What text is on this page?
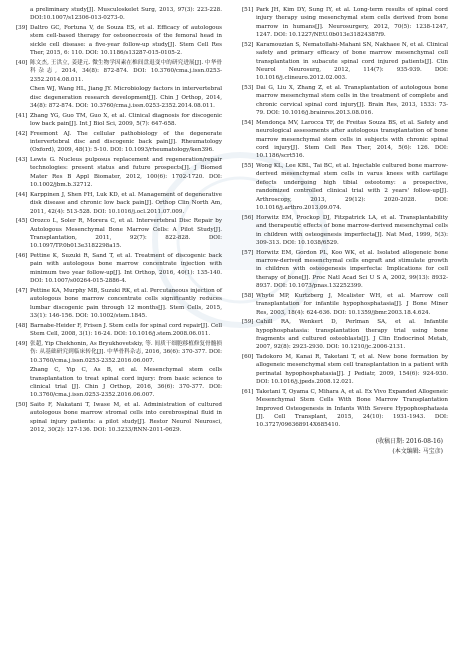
a preliminary study[J]. Musculoskelet Surg, 2013, 97(3): 223-228. DOI:10.1007/s12306-013-0273-0.
[39] Daltro GC, Fortuna V, de Souza ES, et al. Efficacy of autologous stem cell-based therapy for osteonecrosis of the femoral head in sickle cell disease: a five-year follow-up study[J]. Stem Cell Res Ther, 2015, 6: 110. DOI: 10.1186/s13287-015-0105-2.
[40] 陈文杰, 王洪立, 姜建元. 微生物学因素在椎间盘退变中的研究进展[J]. 中华骨科杂志, 2014, 34(8): 872-874. DOI: 10.3760/cma.j.issn.0253-2352.2014.08.011.
Chen WJ, Wang HL, Jiang JY. Microbiology factors in intervertebral disc degeneration research development[J]. Chin J Orthop, 2014, 34(8): 872-874. DOI: 10.3760/cma.j.issn.0253-2352.2014.08.011.
[41] Zhang YG, Guo TM, Guo X, et al. Clinical diagnosis for discogenic low back pain[J]. Int J Biol Sci, 2009, 5(7): 647-658.
[42] Freemont AJ. The cellular pathobiology of the degenerate intervertebral disc and discogenic back pain[J]. Rheumatology (Oxford), 2009, 48(1): 5-10. DOI: 10.1093/rheumatology/ken396.
[43] Lewis G. Nucleus pulposus replacement and regeneration/repair technologies: present status and future prospects[J]. J Biomed Mater Res B Appl Biomater, 2012, 100(6): 1702-1720. DOI: 10.1002/jbm.b.32712.
[44] Karppinen J, Shen FH, Luk KD, et al. Management of degenerative disk disease and chronic low back pain[J]. Orthop Clin North Am, 2011, 42(4): 513-528. DOI: 10.1016/j.ocl.2011.07.009.
[45] Orozco L, Soler R, Morera C, et al. Intervertebral Disc Repair by Autologous Mesenchymal Bone Marrow Cells: A Pilot Study[J]. Transplantation, 2011, 92(7): 822-828. DOI: 10.1097/TP.0b013e3182298a15.
[46] Pettine K, Suzuki R, Sand T, et al. Treatment of discogenic back pain with autologous bone marrow concentrate injection with minimum two year follow-up[J]. Int Orthop, 2016, 40(1): 135-140. DOI: 10.1007/s00264-015-2886-4.
[47] Pettine KA, Murphy MB, Suzuki RK, et al. Percutaneous injection of autologous bone marrow concentrate cells significantly reduces lumbar discogenic pain through 12 months[J]. Stem Cells, 2015, 33(1): 146-156. DOI: 10.1002/stem.1845.
[48] Barnabe-Heider F, Frisen J. Stem cells for spinal cord repair[J]. Cell Stem Cell, 2008, 3(1): 16-24. DOI: 10.1016/j.stem.2008.06.011.
[49] 张超, Yip Chekhonin, As Bryukhovetskiy, 等. 间质干细胞移植修复骨髓损伤: 从基础研究到临床转化[J]. 中华骨科杂志, 2016, 36(6): 370-377. DOI: 10.3760/cma.j.issn.0253-2352.2016.06.007.
Zhang C, Yip C, As B, et al. Mesenchymal stem cells transplantation to treat spinal cord injury: from basic science to clinical trial [J]. Chin J Orthop, 2016, 36(6): 370-377. DOI: 10.3760/cma.j.issn.0253-2352.2016.06.007.
[50] Saito F, Nakatani T, Iwase M, et al. Administration of cultured autologous bone marrow stromal cells into cerebrospinal fluid in spinal injury patients: a pilot study[J]. Restor Neurol Neurosci, 2012, 30(2): 127-136. DOI: 10.3233/RNN-2011-0629.
[51] Park JH, Kim DY, Sung IY, et al. Long-term results of spinal cord injury therapy using mesenchymal stem cells derived from bone marrow in humans[J]. Neurosurgery, 2012, 70(5): 1238-1247, 1247. DOI: 10.1227/NEU.0b013e31824387f9.
[52] Karamouzian S, Nematollahi-Mahani SN, Nakhaee N, et al. Clinical safety and primary efficacy of bone marrow mesenchymal cell transplantation in subacute spinal cord injured patients[J]. Clin Neurol Neurosurg, 2012, 114(7): 935-939. DOI: 10.1016/j.clineuro.2012.02.003.
[53] Dai G, Liu X, Zhang Z, et al. Transplantation of autologous bone marrow mesenchymal stem cells in the treatment of complete and chronic cervical spinal cord injury[J]. Brain Res, 2013, 1533: 73-79. DOI: 10.1016/j.brainres.2013.08.016.
[54] Mendonça MV, Larocca TF, de Freitas Souza BS, et al. Safety and neurological assessments after autologous transplantation of bone marrow mesenchymal stem cells in subjects with chronic spinal cord injury[J]. Stem Cell Res Ther, 2014, 5(6): 126. DOI: 10.1186/scrt516.
[55] Wong KL, Lee KBL, Tai BC, et al. Injectable cultured bone marrow-derived mesenchymal stem cells in varus knees with cartilage defects undergoing high tibial osteotomy: a prospective, randomized controlled clinical trial with 2 years' follow-up[J]. Arthroscopy, 2013, 29(12): 2020-2028. DOI: 10.1016/j.arthro.2013.09.074.
[56] Horwitz EM, Prockop DJ, Fitzpatrick LA, et al. Transplantability and therapeutic effects of bone marrow-derived mesenchymal cells in children with osteogenesis imperfecta[J]. Nat Med, 1999, 5(3): 309-313. DOI: 10.1038/6529.
[57] Horwitz EM, Gordon PL, Koo WK, et al. Isolated allogeneic bone marrow-derived mesenchymal cells engraft and stimulate growth in children with osteogenesis imperfecta: Implications for cell therapy of bone[J]. Proc Natl Acad Sci U S A, 2002, 99(13): 8932-8937. DOI: 10.1073/pnas.132252399.
[58] Whyte MP, Kurtzberg J, Mcalister WH, et al. Marrow cell transplantation for infantile hypophosphatasia[J]. J Bone Miner Res, 2003, 18(4): 624-636. DOI: 10.1359/jbmr.2003.18.4.624.
[59] Cahill RA, Wenkert D, Perlman SA, et al. Infantile hypophosphatasia: transplantation therapy trial using bone fragments and cultured osteoblasts[J]. J Clin Endocrinol Metab, 2007, 92(8): 2923-2930. DOI: 10.1210/jc.2006-2131.
[60] Tadokoro M, Kanai R, Taketani T, et al. New bone formation by allogeneic mesenchymal stem cell transplantation in a patient with perinatal hypophosphatasia[J]. J Pediatr, 2009, 154(6): 924-930. DOI: 10.1016/j.jpeds.2008.12.021.
[61] Taketani T, Oyama C, Mihara A, et al. Ex Vivo Expanded Allogeneic Mesenchymal Stem Cells With Bone Marrow Transplantation Improved Osteogenesis in Infants With Severe Hypophosphatasia [J]. Cell Transplant, 2015, 24(10): 1931-1943. DOI: 10.3727/096368914X685410.
(收稿日期: 2016-08-16)
(本文编辑: 马宝彦)
